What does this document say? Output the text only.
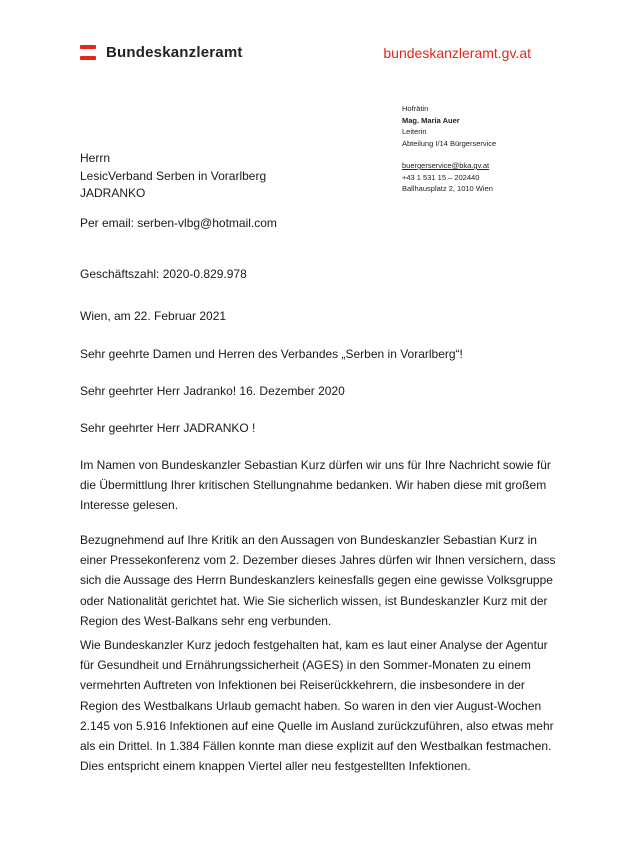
Bundeskanzleramt	bundeskanzleramt.gv.at
Hofrätin
Mag. Maria Auer
Leiterin
Abteilung I/14 Bürgerservice
buergerservice@bka.gv.at
+43 1 531 15 – 202440
Ballhausplatz 2, 1010 Wien
Herrn
LesicVerband Serben in Vorarlberg
JADRANKO
Per email: serben-vlbg@hotmail.com
Geschäftszahl: 2020-0.829.978
Wien, am 22. Februar 2021
Sehr geehrte Damen und Herren des Verbandes „Serben in Vorarlberg“!
Sehr geehrter Herr Jadranko! 16. Dezember 2020
Sehr geehrter Herr JADRANKO !
Im Namen von Bundeskanzler Sebastian Kurz dürfen wir uns für Ihre Nachricht sowie für die Übermittlung Ihrer kritischen Stellungnahme bedanken. Wir haben diese mit großem Interesse gelesen.
Bezugnehmend auf Ihre Kritik an den Aussagen von Bundeskanzler Sebastian Kurz in einer Pressekonferenz vom 2. Dezember dieses Jahres dürfen wir Ihnen versichern, dass sich die Aussage des Herrn Bundeskanzlers keinesfalls gegen eine gewisse Volksgruppe oder Nationalität gerichtet hat. Wie Sie sicherlich wissen, ist Bundeskanzler Kurz mit der Region des West-Balkans sehr eng verbunden.
Wie Bundeskanzler Kurz jedoch festgehalten hat, kam es laut einer Analyse der Agentur für Gesundheit und Ernährungssicherheit (AGES) in den Sommer-Monaten zu einem vermehrten Auftreten von Infektionen bei Reiserückkehrern, die insbesondere in der Region des Westbalkans Urlaub gemacht haben. So waren in den vier August-Wochen 2.145 von 5.916 Infektionen auf eine Quelle im Ausland zurückzuführen, also etwas mehr als ein Drittel. In 1.384 Fällen konnte man diese explizit auf den Westbalkan festmachen. Dies entspricht einem knappen Viertel aller neu festgestellten Infektionen.
